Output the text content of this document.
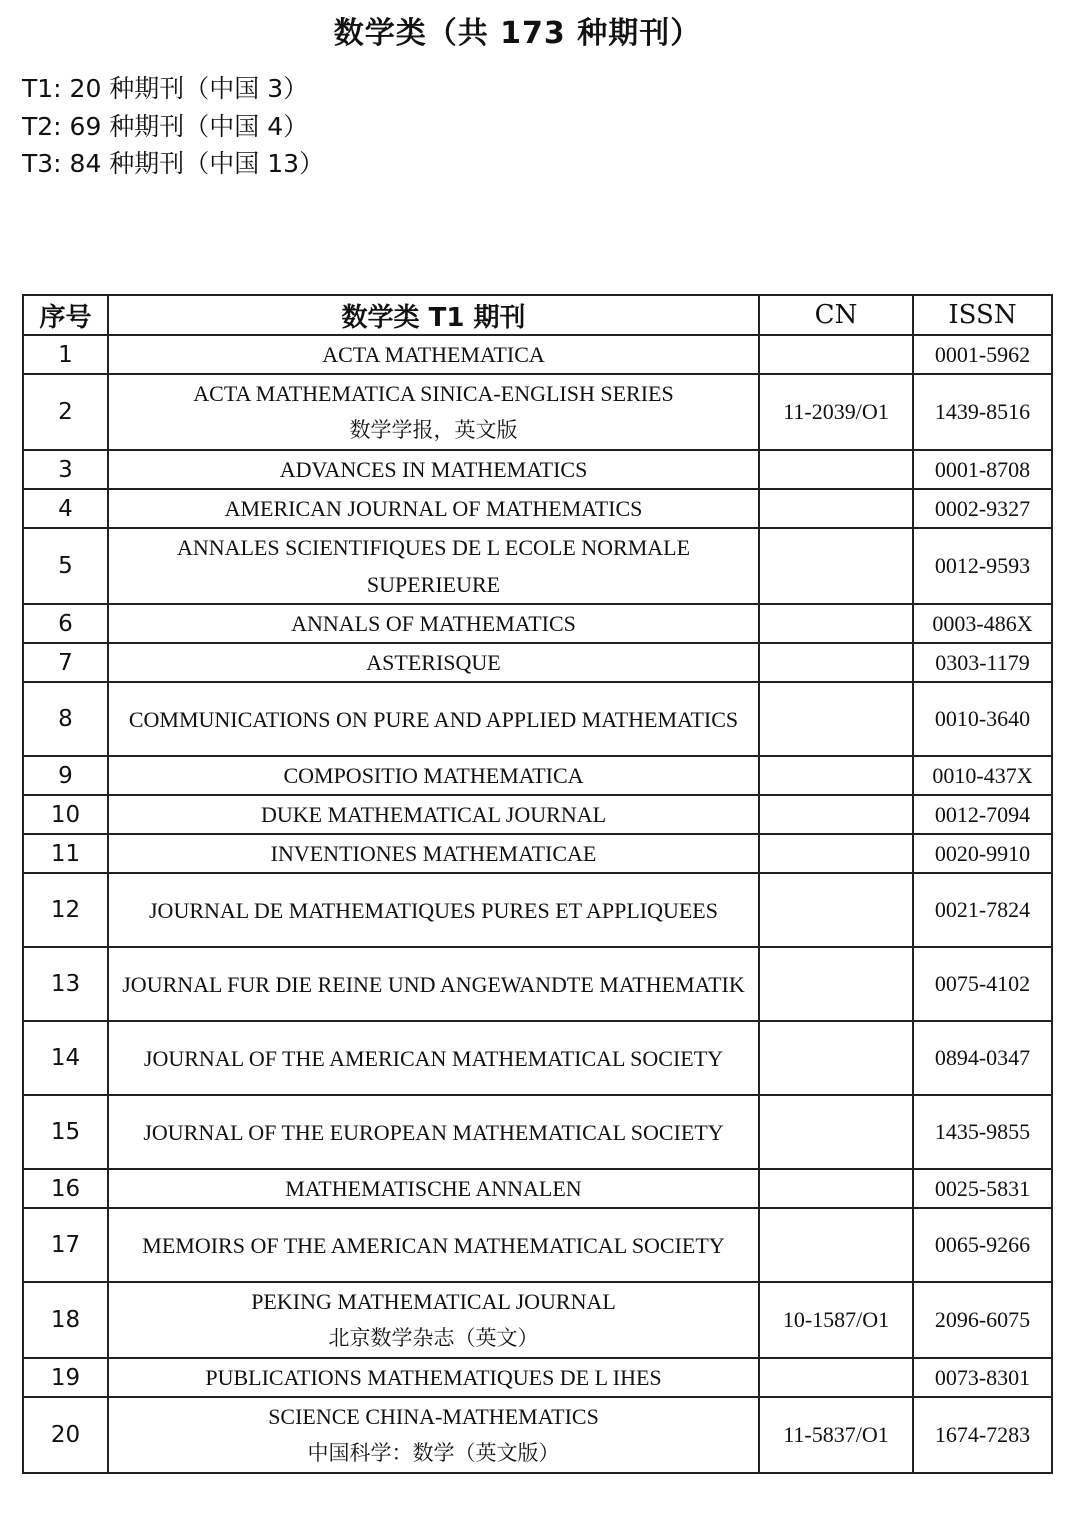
数学类（共 173 种期刊）
T1: 20 种期刊（中国 3）
T2: 69 种期刊（中国 4）
T3: 84 种期刊（中国 13）
序号	数学类 T1 期刊	CN	ISSN
1	ACTA MATHEMATICA		0001-5962
2	ACTA MATHEMATICA SINICA-ENGLISH SERIES
数学学报，英文版	11-2039/O1	1439-8516
3	ADVANCES IN MATHEMATICS		0001-8708
4	AMERICAN JOURNAL OF MATHEMATICS		0002-9327
5	ANNALES SCIENTIFIQUES DE L ECOLE NORMALE SUPERIEURE		0012-9593
6	ANNALS OF MATHEMATICS		0003-486X
7	ASTERISQUE		0303-1179
8	COMMUNICATIONS ON PURE AND APPLIED MATHEMATICS		0010-3640
9	COMPOSITIO MATHEMATICA		0010-437X
10	DUKE MATHEMATICAL JOURNAL		0012-7094
11	INVENTIONES MATHEMATICAE		0020-9910
12	JOURNAL DE MATHEMATIQUES PURES ET APPLIQUEES		0021-7824
13	JOURNAL FUR DIE REINE UND ANGEWANDTE MATHEMATIK		0075-4102
14	JOURNAL OF THE AMERICAN MATHEMATICAL SOCIETY		0894-0347
15	JOURNAL OF THE EUROPEAN MATHEMATICAL SOCIETY		1435-9855
16	MATHEMATISCHE ANNALEN		0025-5831
17	MEMOIRS OF THE AMERICAN MATHEMATICAL SOCIETY		0065-9266
18	PEKING MATHEMATICAL JOURNAL
北京数学杂志（英文）	10-1587/O1	2096-6075
19	PUBLICATIONS MATHEMATIQUES DE L IHES		0073-8301
20	SCIENCE CHINA-MATHEMATICS
中国科学：数学（英文版）	11-5837/O1	1674-7283
